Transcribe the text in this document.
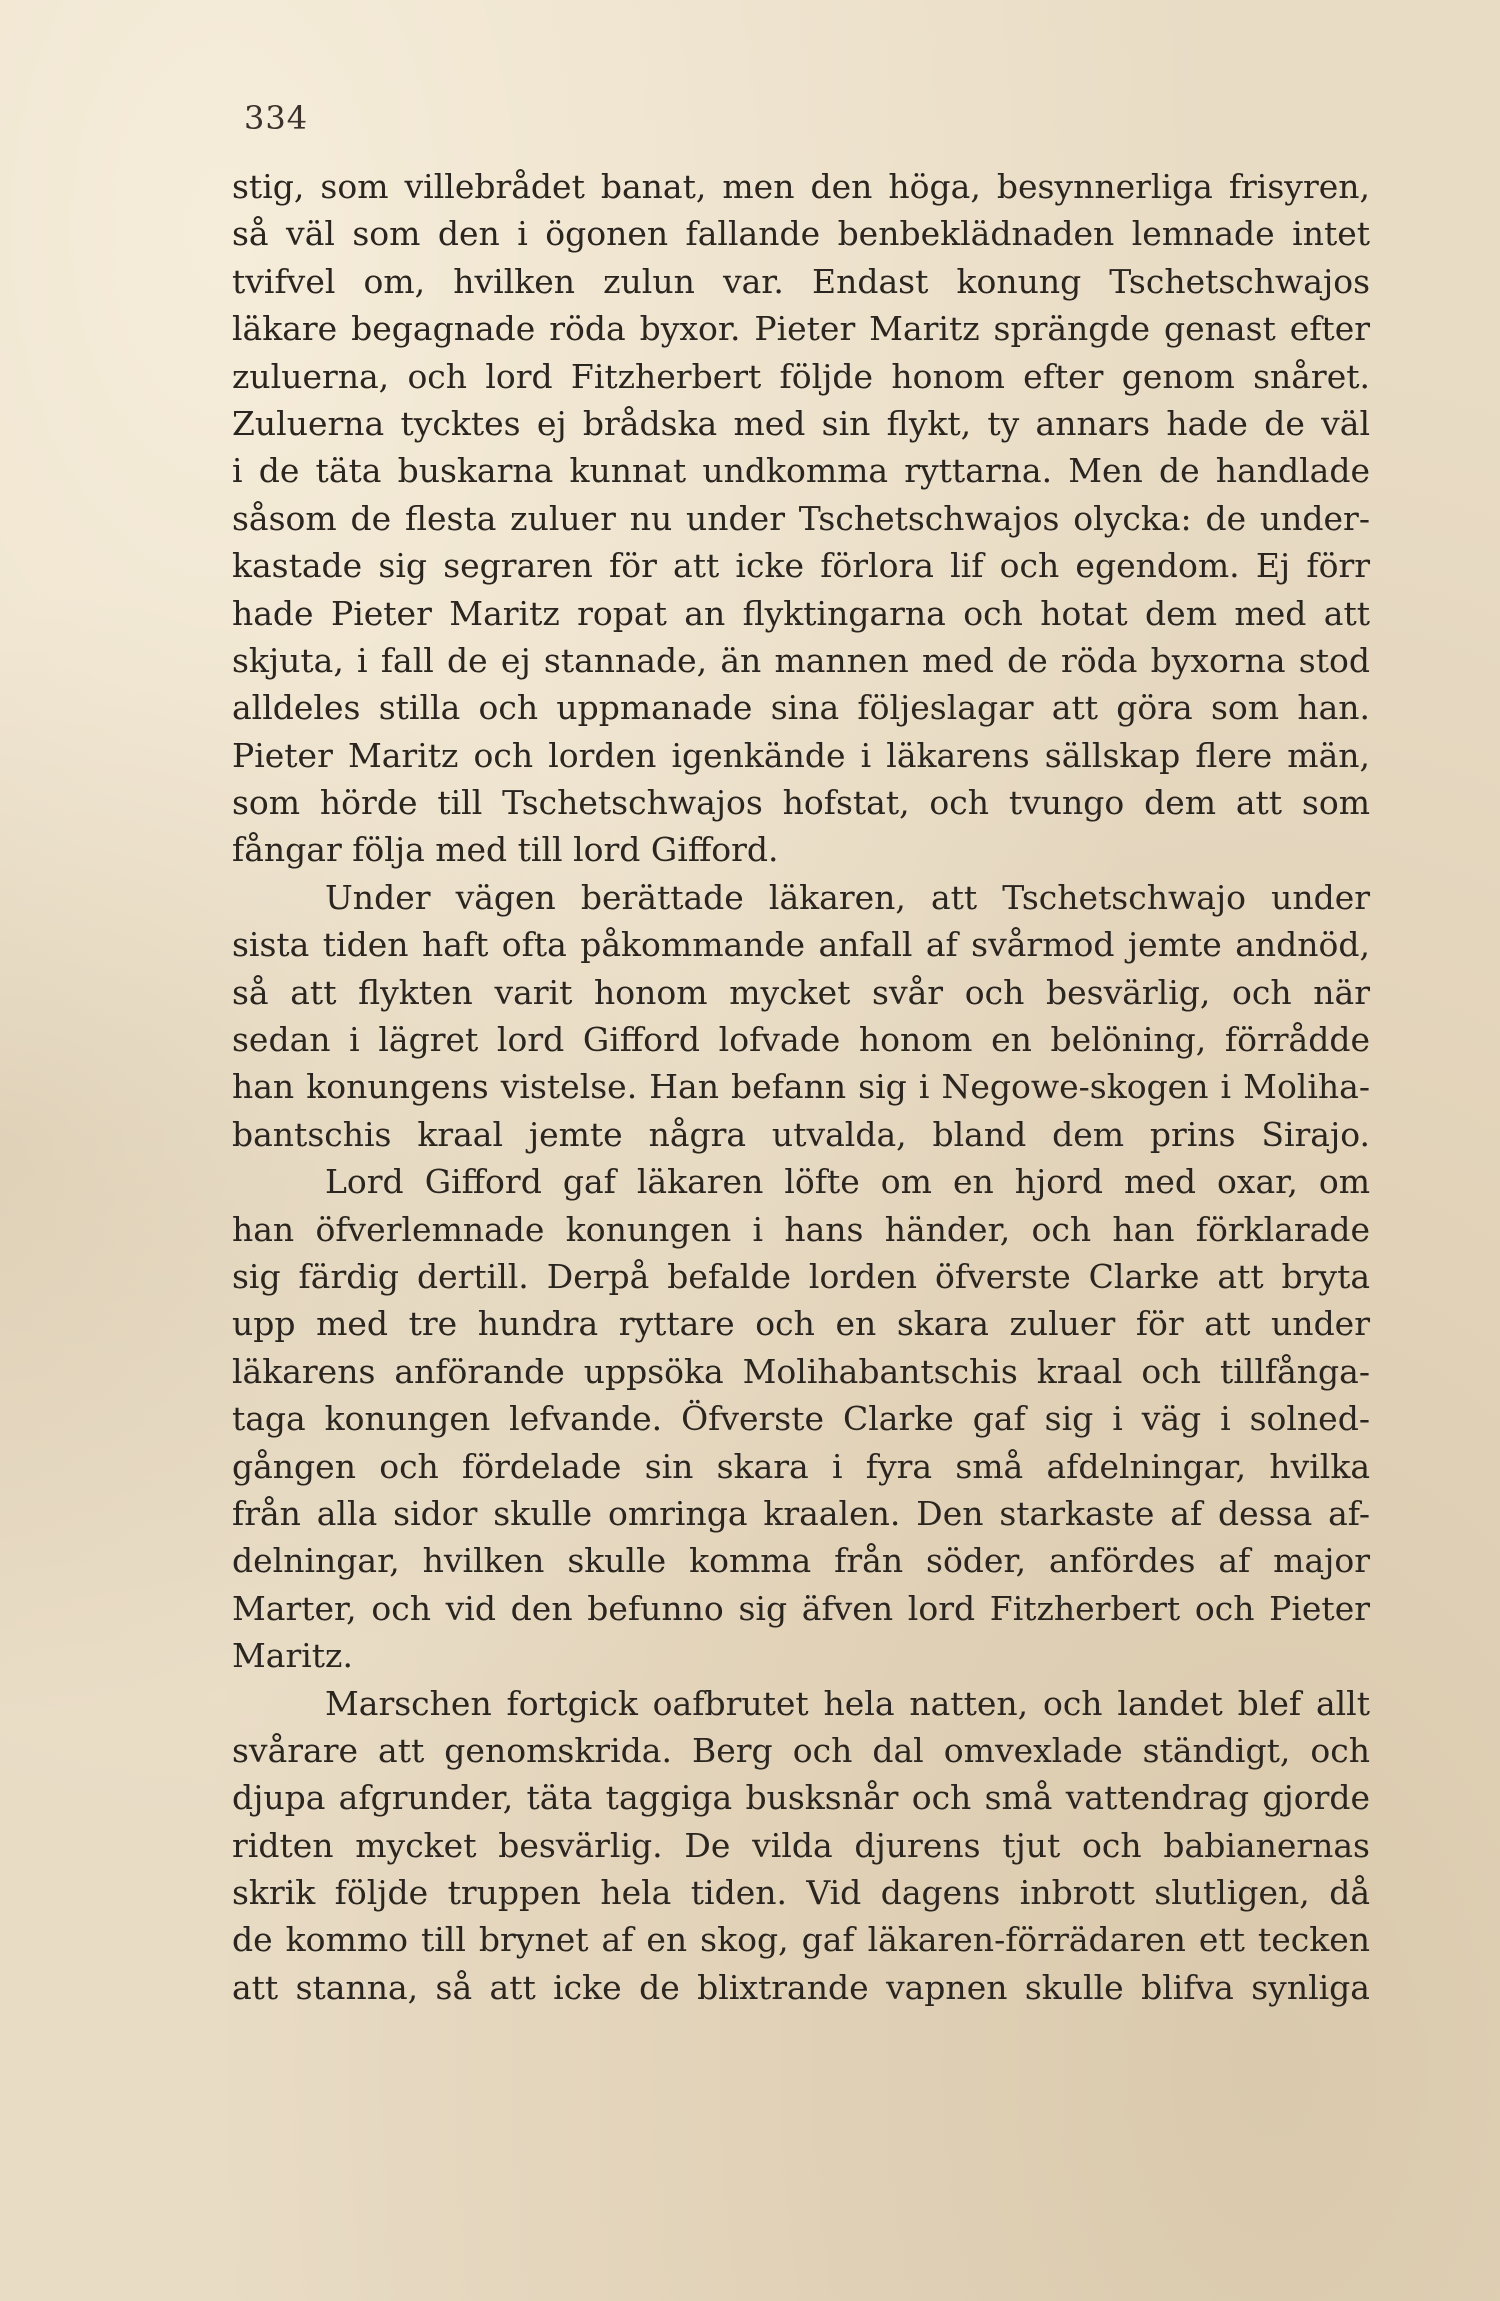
334
stig, som villebrådet banat, men den höga, besynnerliga frisyren,
så väl som den i ögonen fallande benbeklädnaden lemnade intet
tvifvel om, hvilken zulun var. Endast konung Tschetschwajos
läkare begagnade röda byxor. Pieter Maritz sprängde genast efter
zuluerna, och lord Fitzherbert följde honom efter genom snåret.
Zuluerna tycktes ej brådska med sin flykt, ty annars hade de väl
i de täta buskarna kunnat undkomma ryttarna. Men de handlade
såsom de flesta zuluer nu under Tschetschwajos olycka: de under-
kastade sig segraren för att icke förlora lif och egendom. Ej förr
hade Pieter Maritz ropat an flyktingarna och hotat dem med att
skjuta, i fall de ej stannade, än mannen med de röda byxorna stod
alldeles stilla och uppmanade sina följeslagar att göra som han.
Pieter Maritz och lorden igenkände i läkarens sällskap flere män,
som hörde till Tschetschwajos hofstat, och tvungo dem att som
fångar följa med till lord Gifford.
Under vägen berättade läkaren, att Tschetschwajo under
sista tiden haft ofta påkommande anfall af svårmod jemte andnöd,
så att flykten varit honom mycket svår och besvärlig, och när
sedan i lägret lord Gifford lofvade honom en belöning, förrådde
han konungens vistelse. Han befann sig i Negowe-skogen i Moliha-
bantschis kraal jemte några utvalda, bland dem prins Sirajo.
Lord Gifford gaf läkaren löfte om en hjord med oxar, om
han öfverlemnade konungen i hans händer, och han förklarade
sig färdig dertill. Derpå befalde lorden öfverste Clarke att bryta
upp med tre hundra ryttare och en skara zuluer för att under
läkarens anförande uppsöka Molihabantschis kraal och tillfånga-
taga konungen lefvande. Öfverste Clarke gaf sig i väg i solned-
gången och fördelade sin skara i fyra små afdelningar, hvilka
från alla sidor skulle omringa kraalen. Den starkaste af dessa af-
delningar, hvilken skulle komma från söder, anfördes af major
Marter, och vid den befunno sig äfven lord Fitzherbert och Pieter
Maritz.
Marschen fortgick oafbrutet hela natten, och landet blef allt
svårare att genomskrida. Berg och dal omvexlade ständigt, och
djupa afgrunder, täta taggiga busksnår och små vattendrag gjorde
ridten mycket besvärlig. De vilda djurens tjut och babianernas
skrik följde truppen hela tiden. Vid dagens inbrott slutligen, då
de kommo till brynet af en skog, gaf läkaren-förrädaren ett tecken
att stanna, så att icke de blixtrande vapnen skulle blifva synliga
